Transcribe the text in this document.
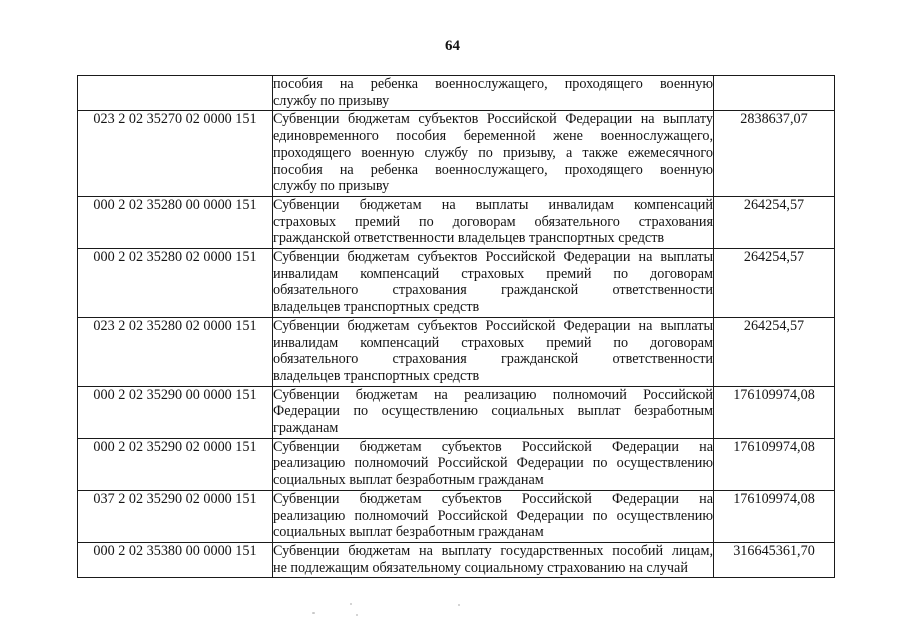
64

	пособия на ребенка военнослужащего, проходящего военную
службу по призыву	

023 2 02 35270 02 0000 151	Субвенции бюджетам субъектов Российской Федерации на выплату
единовременного пособия беременной жене военнослужащего,
проходящего военную службу по призыву, а также ежемесячного
пособия на ребенка военнослужащего, проходящего военную
службу по призыву	2838637,07
000 2 02 35280 00 0000 151	Субвенции бюджетам на выплаты инвалидам компенсаций
страховых премий по договорам обязательного страхования
гражданской ответственности владельцев транспортных средств	264254,57
000 2 02 35280 02 0000 151	Субвенции бюджетам субъектов Российской Федерации на выплаты
инвалидам компенсаций страховых премий по договорам
обязательного страхования гражданской ответственности
владельцев транспортных средств	264254,57
023 2 02 35280 02 0000 151	Субвенции бюджетам субъектов Российской Федерации на выплаты
инвалидам компенсаций страховых премий по договорам
обязательного страхования гражданской ответственности
владельцев транспортных средств	264254,57
000 2 02 35290 00 0000 151	Субвенции бюджетам на реализацию полномочий Российской
Федерации по осуществлению социальных выплат безработным
гражданам	176109974,08
000 2 02 35290 02 0000 151	Субвенции бюджетам субъектов Российской Федерации на
реализацию полномочий Российской Федерации по осуществлению
социальных выплат безработным гражданам	176109974,08
037 2 02 35290 02 0000 151	Субвенции бюджетам субъектов Российской Федерации на
реализацию полномочий Российской Федерации по осуществлению
социальных выплат безработным гражданам	176109974,08
000 2 02 35380 00 0000 151	Субвенции бюджетам на выплату государственных пособий лицам,
не подлежащим обязательному социальному страхованию на случай	316645361,70
